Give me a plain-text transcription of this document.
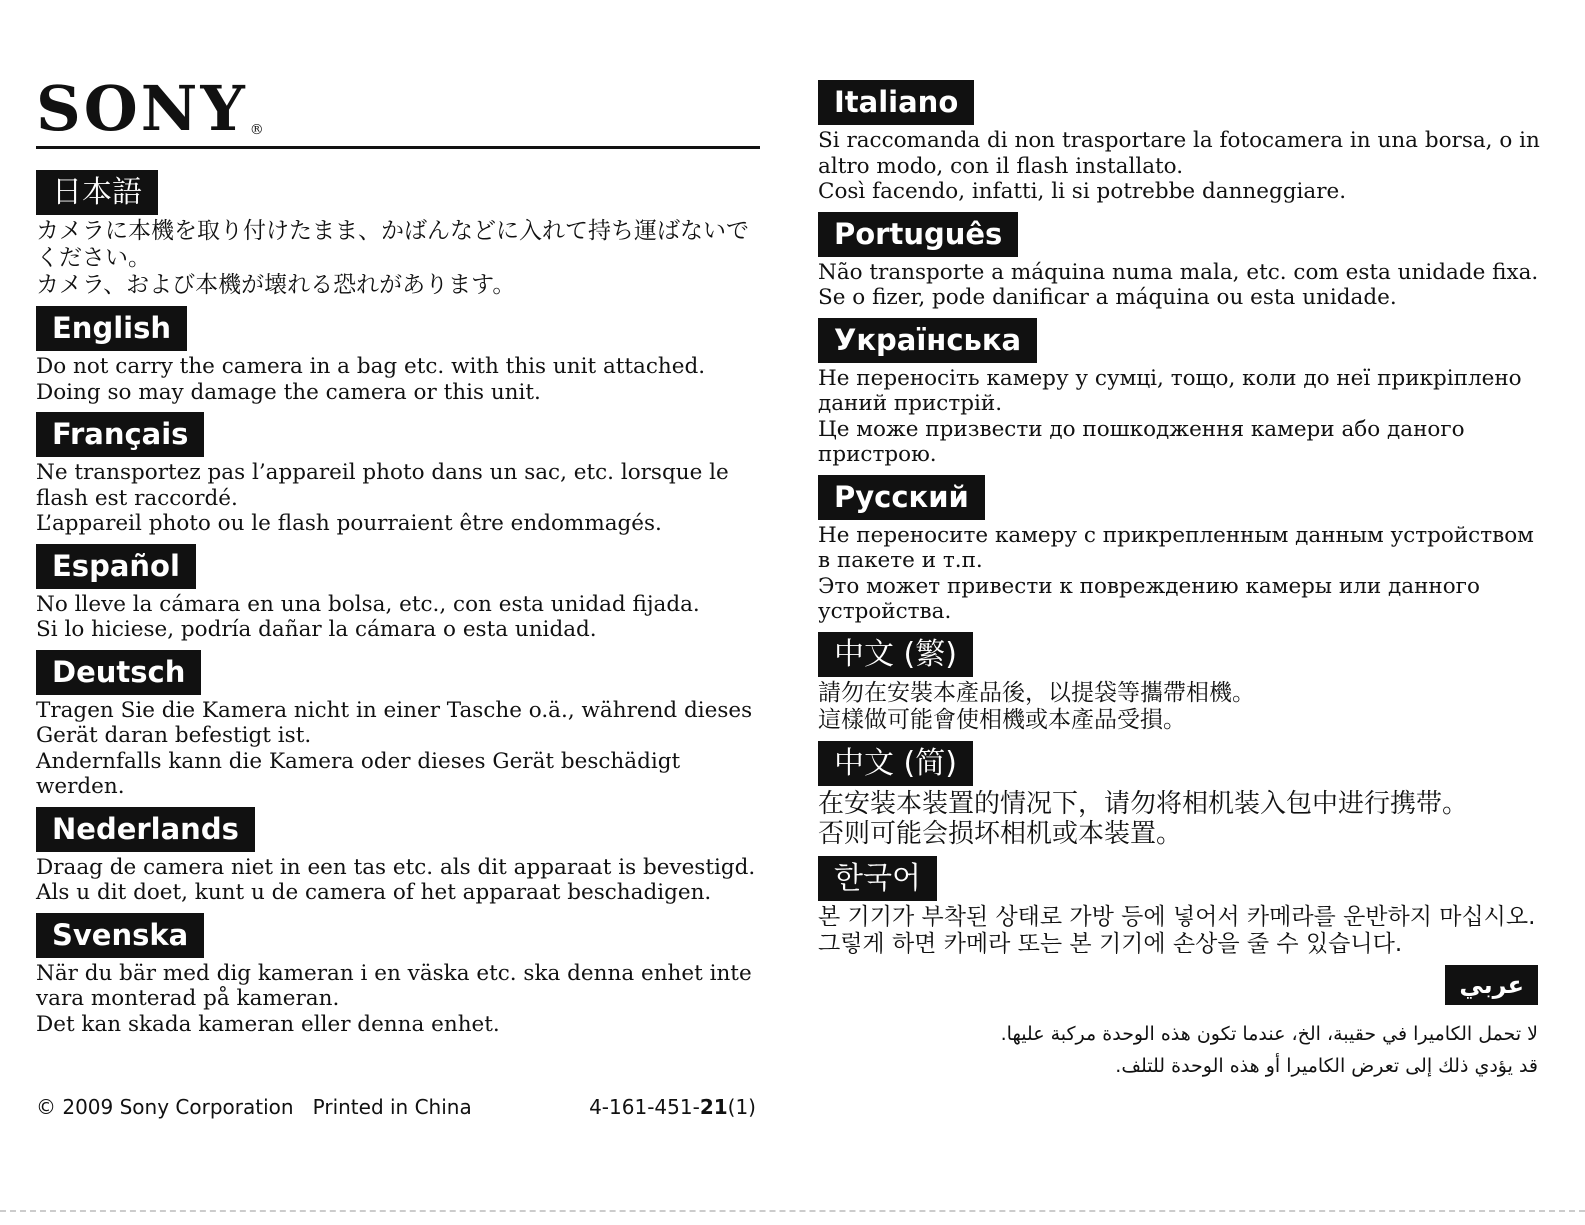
SONY ®
日本語

カメラに本機を取り付けたまま、かばんなどに入れて持ち運ばないでください。

カメラ、および本機が壊れる恐れがあります。

English

Do not carry the camera in a bag etc. with this unit attached.

Doing so may damage the camera or this unit.

Français

Ne transportez pas l’appareil photo dans un sac, etc. lorsque le flash est raccordé.

L’appareil photo ou le flash pourraient être endommagés.

Español

No lleve la cámara en una bolsa, etc., con esta unidad fijada.

Si lo hiciese, podría dañar la cámara o esta unidad.

Deutsch

Tragen Sie die Kamera nicht in einer Tasche o.ä., während dieses Gerät daran befestigt ist.

Andernfalls kann die Kamera oder dieses Gerät beschädigt werden.

Nederlands

Draag de camera niet in een tas etc. als dit apparaat is bevestigd.

Als u dit doet, kunt u de camera of het apparaat beschadigen.

Svenska

När du bär med dig kameran i en väska etc. ska denna enhet inte vara monterad på kameran.

Det kan skada kameran eller denna enhet.

Italiano

Si raccomanda di non trasportare la fotocamera in una borsa, o in altro modo, con il flash installato.

Così facendo, infatti, li si potrebbe danneggiare.

Português

Não transporte a máquina numa mala, etc. com esta unidade fixa.

Se o fizer, pode danificar a máquina ou esta unidade.

Українська

Не переносіть камеру у сумці, тощо, коли до неї прикріплено даний пристрій.

Це може призвести до пошкодження камери або даного пристрою.

Русский

Не переносите камеру с прикрепленным данным устройством в пакете и т.п.

Это может привести к повреждению камеры или данного устройства.

中文 (繁)

請勿在安裝本產品後，以提袋等攜帶相機。

這樣做可能會使相機或本產品受損。

中文 (简)

在安装本装置的情况下，请勿将相机装入包中进行携带。

否则可能会损坏相机或本装置。

한국어

본 기기가 부착된 상태로 가방 등에 넣어서 카메라를 운반하지 마십시오.

그렇게 하면 카메라 또는 본 기기에 손상을 줄 수 있습니다.

عربي
لا تحمل الكاميرا في حقيبة، الخ، عندما تكون هذه الوحدة مركبة عليها.
قد يؤدي ذلك إلى تعرض الكاميرا أو هذه الوحدة للتلف.
© 2009 Sony Corporation Printed in China	4-161-451-21(1)
